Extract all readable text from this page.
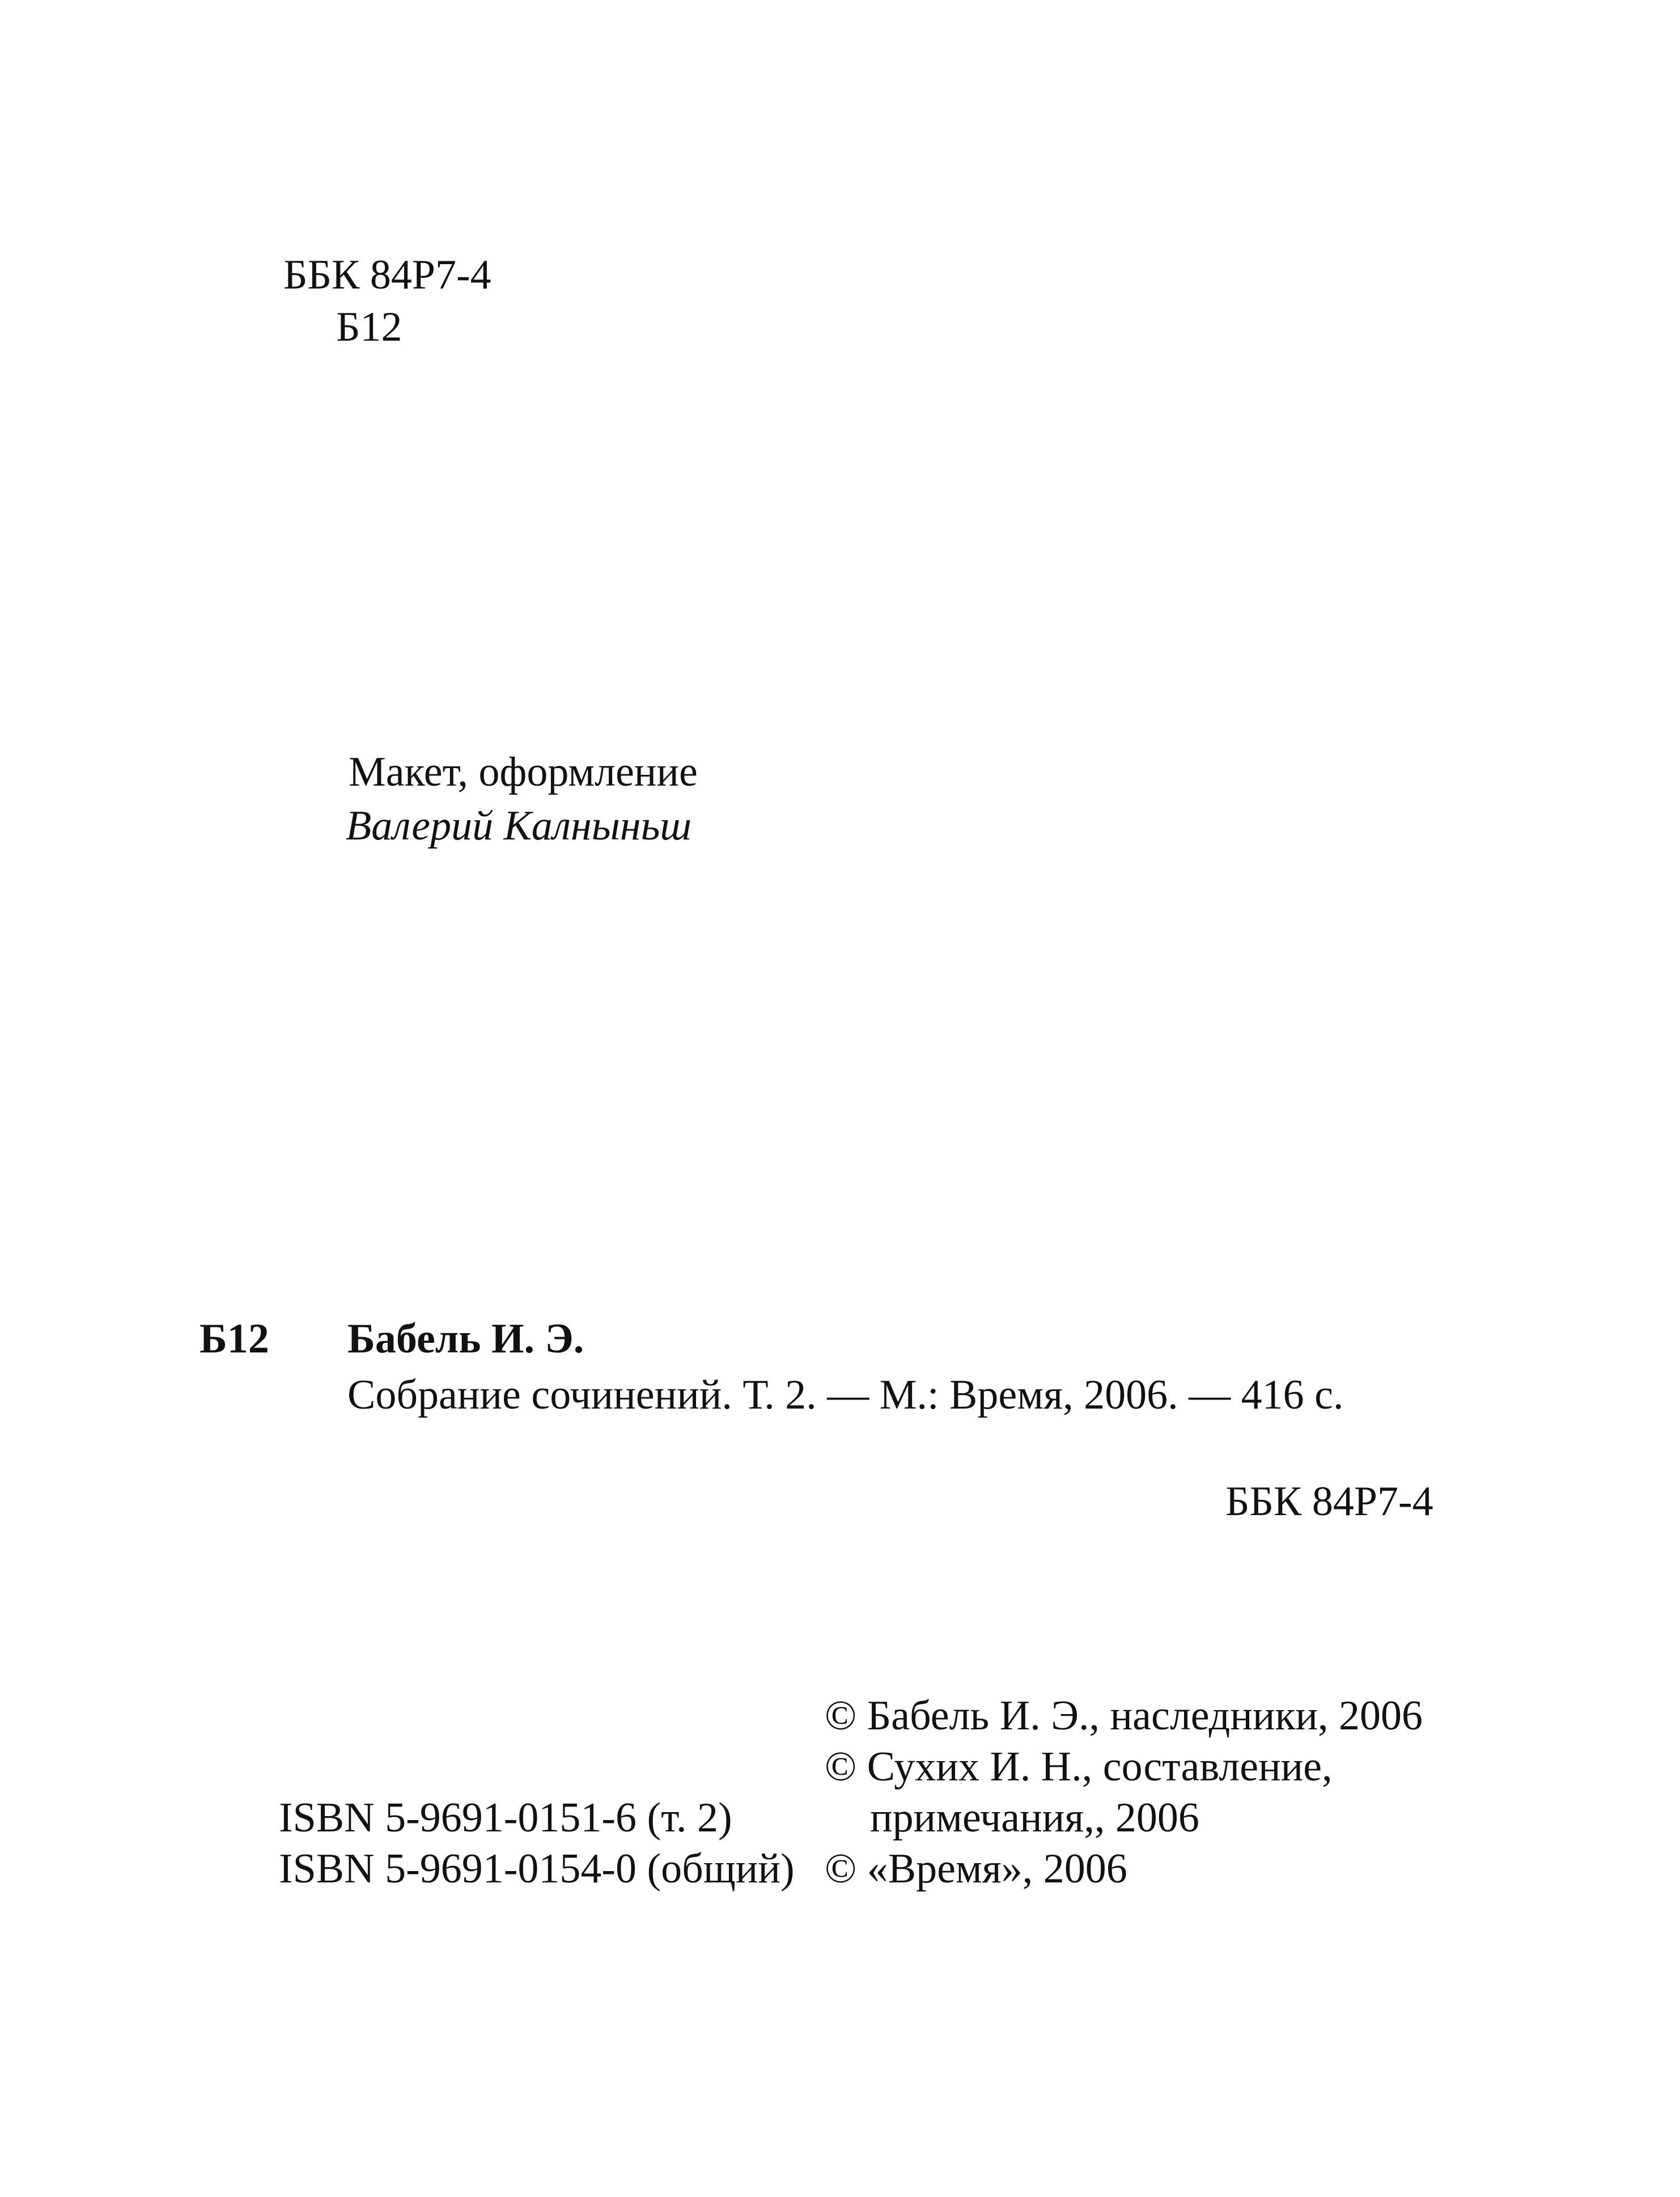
ББК 84Р7-4
Б12
Макет, оформление
Валерий Калныньш
Б12 Бабель И. Э.
Собрание сочинений. Т. 2. — М.: Время, 2006. — 416 с.
ББК 84Р7-4
© Бабель И. Э., наследники, 2006
© Сухих И. Н., составление,
примечания,, 2006
© «Время», 2006
ISBN 5-9691-0151-6 (т. 2)
ISBN 5-9691-0154-0 (общий)
